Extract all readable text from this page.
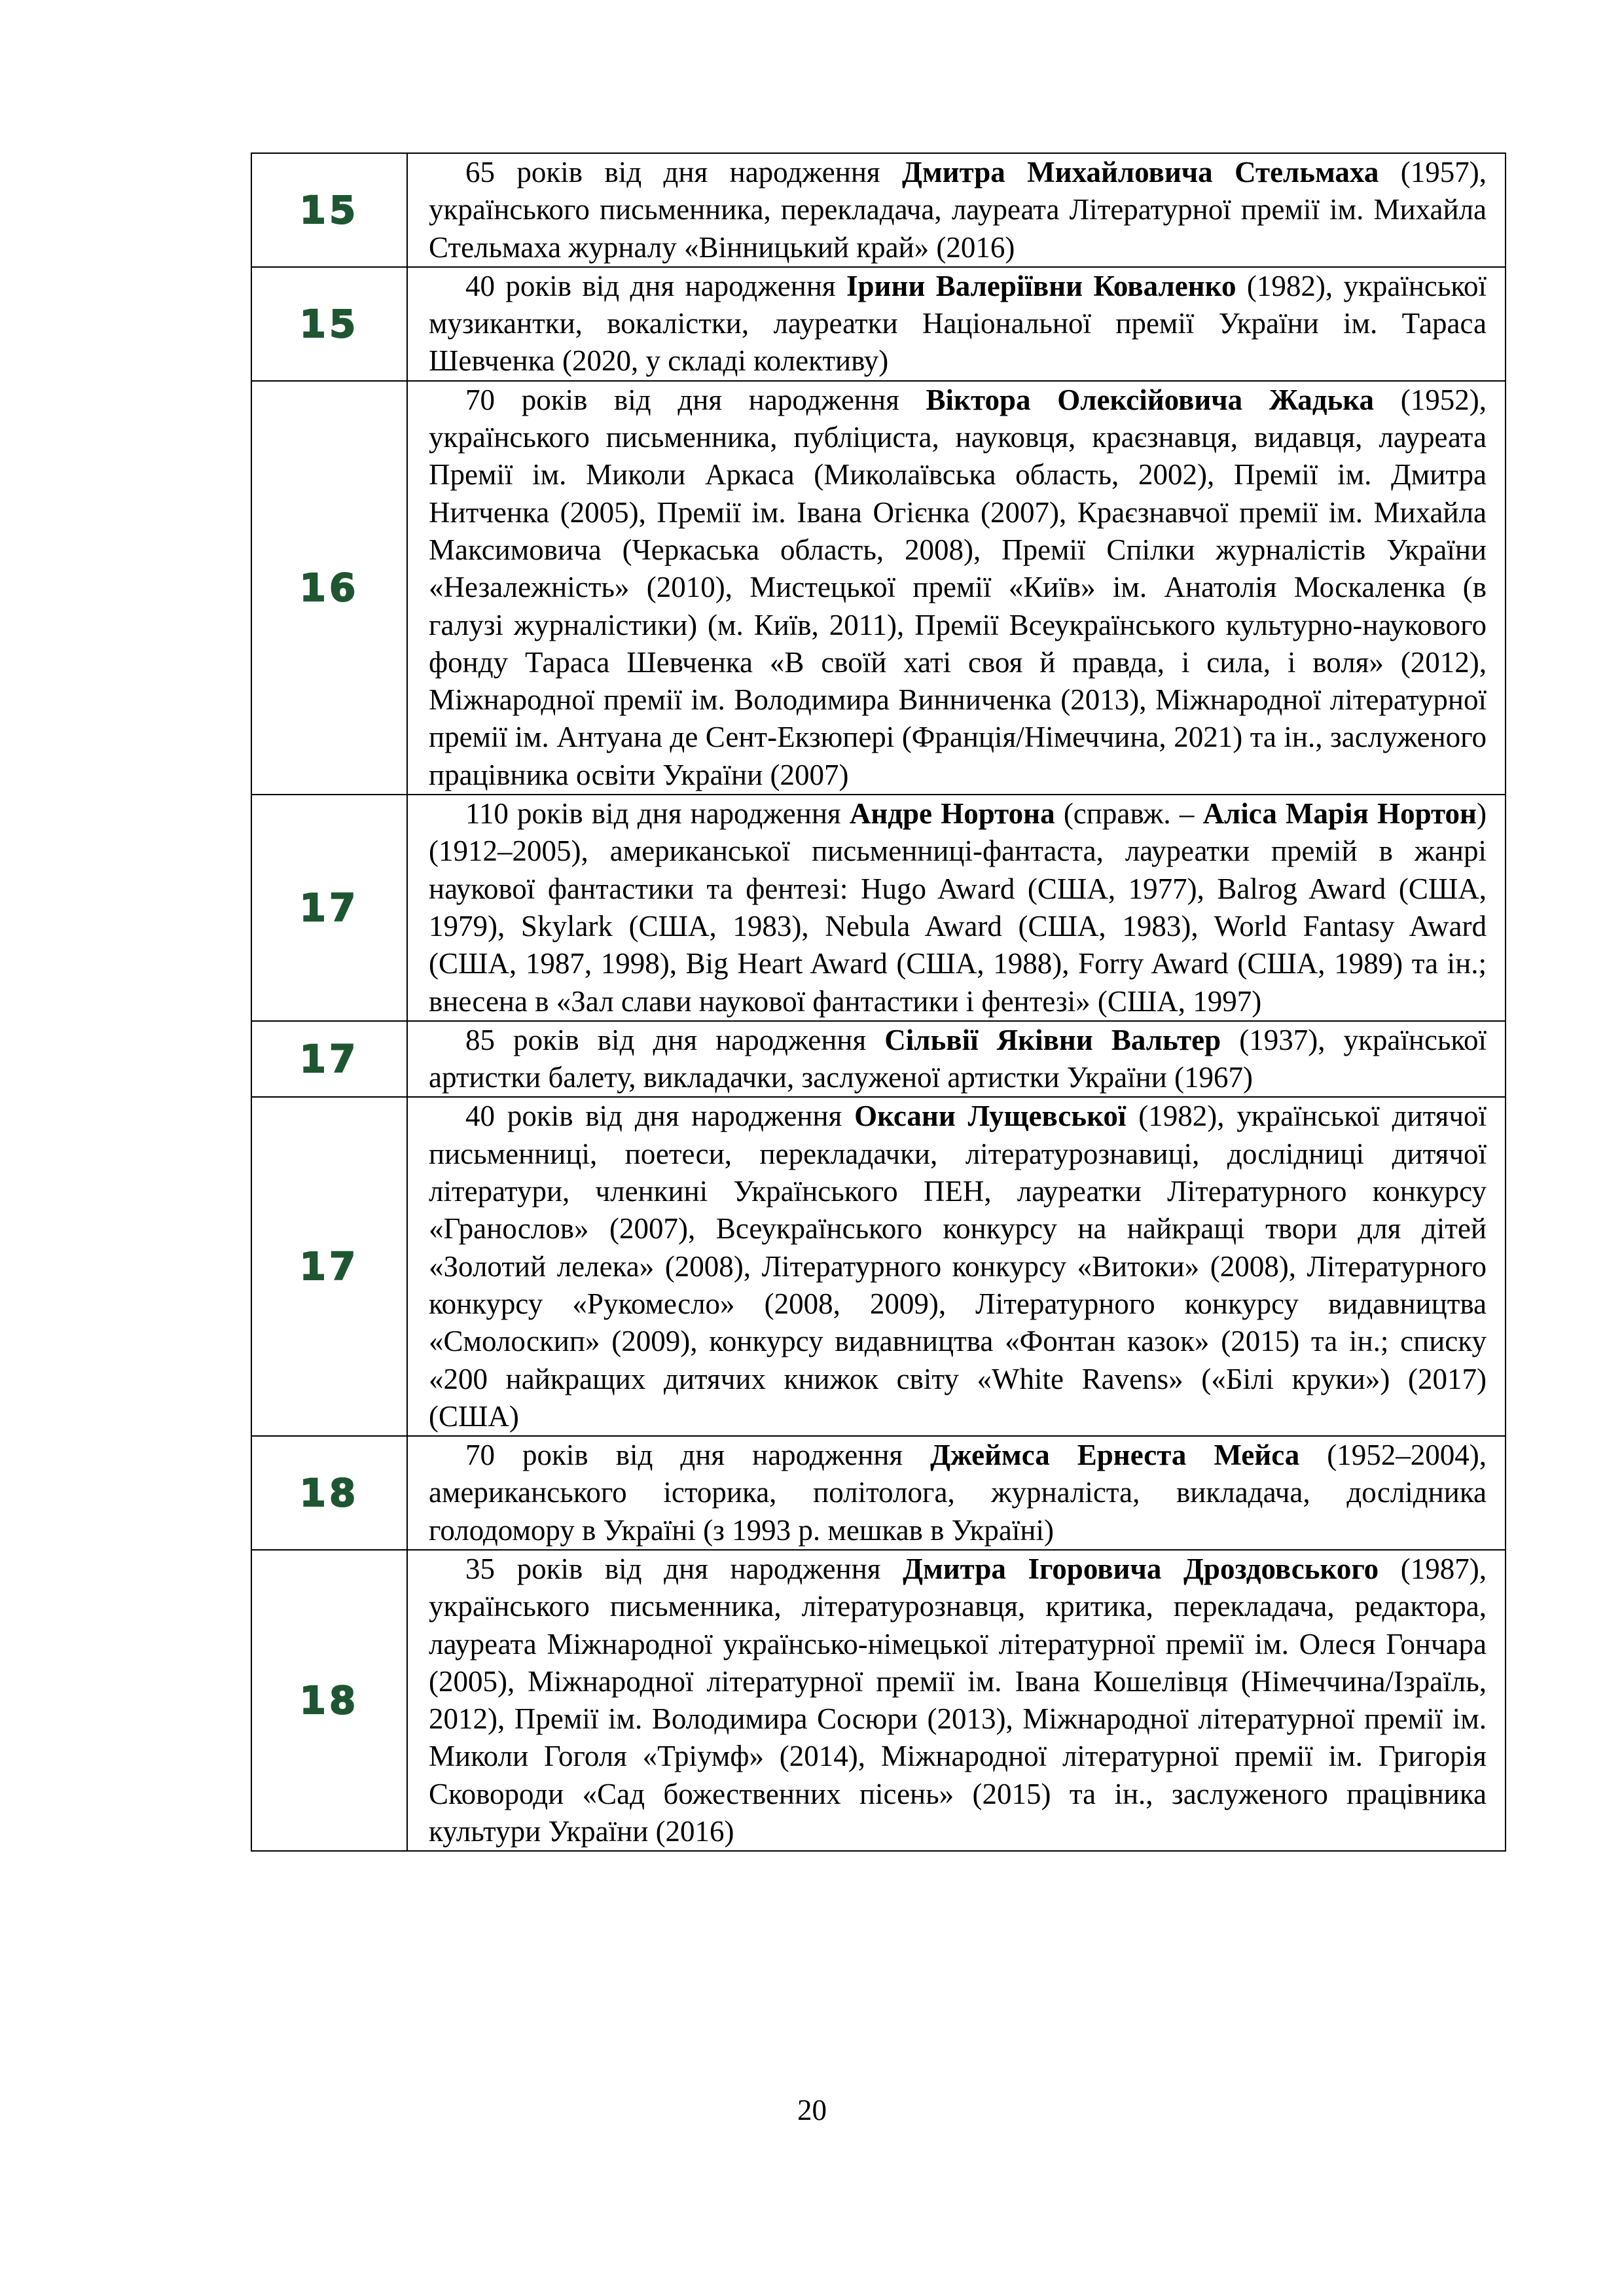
15	65 років від дня народження Дмитра Михайловича Стельмаха (1957), українського письменника, перекладача, лауреата Літературної премії ім. Михайла Стельмаха журналу «Вінницький край» (2016)

15	40 років від дня народження Ірини Валеріївни Коваленко (1982), української музикантки, вокалістки, лауреатки Національної премії України ім. Тараса Шевченка (2020, у складі колективу)

16	70 років від дня народження Віктора Олексійовича Жадька (1952), українського письменника, публіциста, науковця, краєзнавця, видавця, лауреата Премії ім. Миколи Аркаса (Миколаївська область, 2002), Премії ім. Дмитра Нитченка (2005), Премії ім. Івана Огієнка (2007), Краєзнавчої премії ім. Михайла Максимовича (Черкаська область, 2008), Премії Спілки журналістів України «Незалежність» (2010), Мистецької премії «Київ» ім. Анатолія Москаленка (в галузі журналістики) (м. Київ, 2011), Премії Всеукраїнського культурно-наукового фонду Тараса Шевченка «В своїй хаті своя й правда, і сила, і воля» (2012), Міжнародної премії ім. Володимира Винниченка (2013), Міжнародної літературної премії ім. Антуана де Сент-Екзюпері (Франція/Німеччина, 2021) та ін., заслуженого працівника освіти України (2007)

17	110 років від дня народження Андре Нортона (справж. – Аліса Марія Нортон) (1912–2005), американської письменниці-фантаста, лауреатки премій в жанрі наукової фантастики та фентезі: Hugo Award (США, 1977), Balrog Award (США, 1979), Skylark (США, 1983), Nebula Award (США, 1983), World Fantasy Award (США, 1987, 1998), Big Heart Award (США, 1988), Forry Award (США, 1989) та ін.; внесена в «Зал слави наукової фантастики і фентезі» (США, 1997)

17	85 років від дня народження Сільвії Яківни Вальтер (1937), української артистки балету, викладачки, заслуженої артистки України (1967)

17	40 років від дня народження Оксани Лущевської (1982), української дитячої письменниці, поетеси, перекладачки, літературознавиці, дослідниці дитячої літератури, членкині Українського ПЕН, лауреатки Літературного конкурсу «Гранослов» (2007), Всеукраїнського конкурсу на найкращі твори для дітей «Золотий лелека» (2008), Літературного конкурсу «Витоки» (2008), Літературного конкурсу «Рукомесло» (2008, 2009), Літературного конкурсу видавництва «Смолоскип» (2009), конкурсу видавництва «Фонтан казок» (2015) та ін.; списку «200 найкращих дитячих книжок світу «White Ravens» («Білі круки») (2017) (США)

18	70 років від дня народження Джеймса Ернеста Мейса (1952–2004), американського історика, політолога, журналіста, викладача, дослідника голодомору в Україні (з 1993 р. мешкав в Україні)

18	35 років від дня народження Дмитра Ігоровича Дроздовського (1987), українського письменника, літературознавця, критика, перекладача, редактора, лауреата Міжнародної українсько-німецької літературної премії ім. Олеся Гончара (2005), Міжнародної літературної премії ім. Івана Кошелівця (Німеччина/Ізраїль, 2012), Премії ім. Володимира Сосюри (2013), Міжнародної літературної премії ім. Миколи Гоголя «Тріумф» (2014), Міжнародної літературної премії ім. Григорія Сковороди «Сад божественних пісень» (2015) та ін., заслуженого працівника культури України (2016)

20
